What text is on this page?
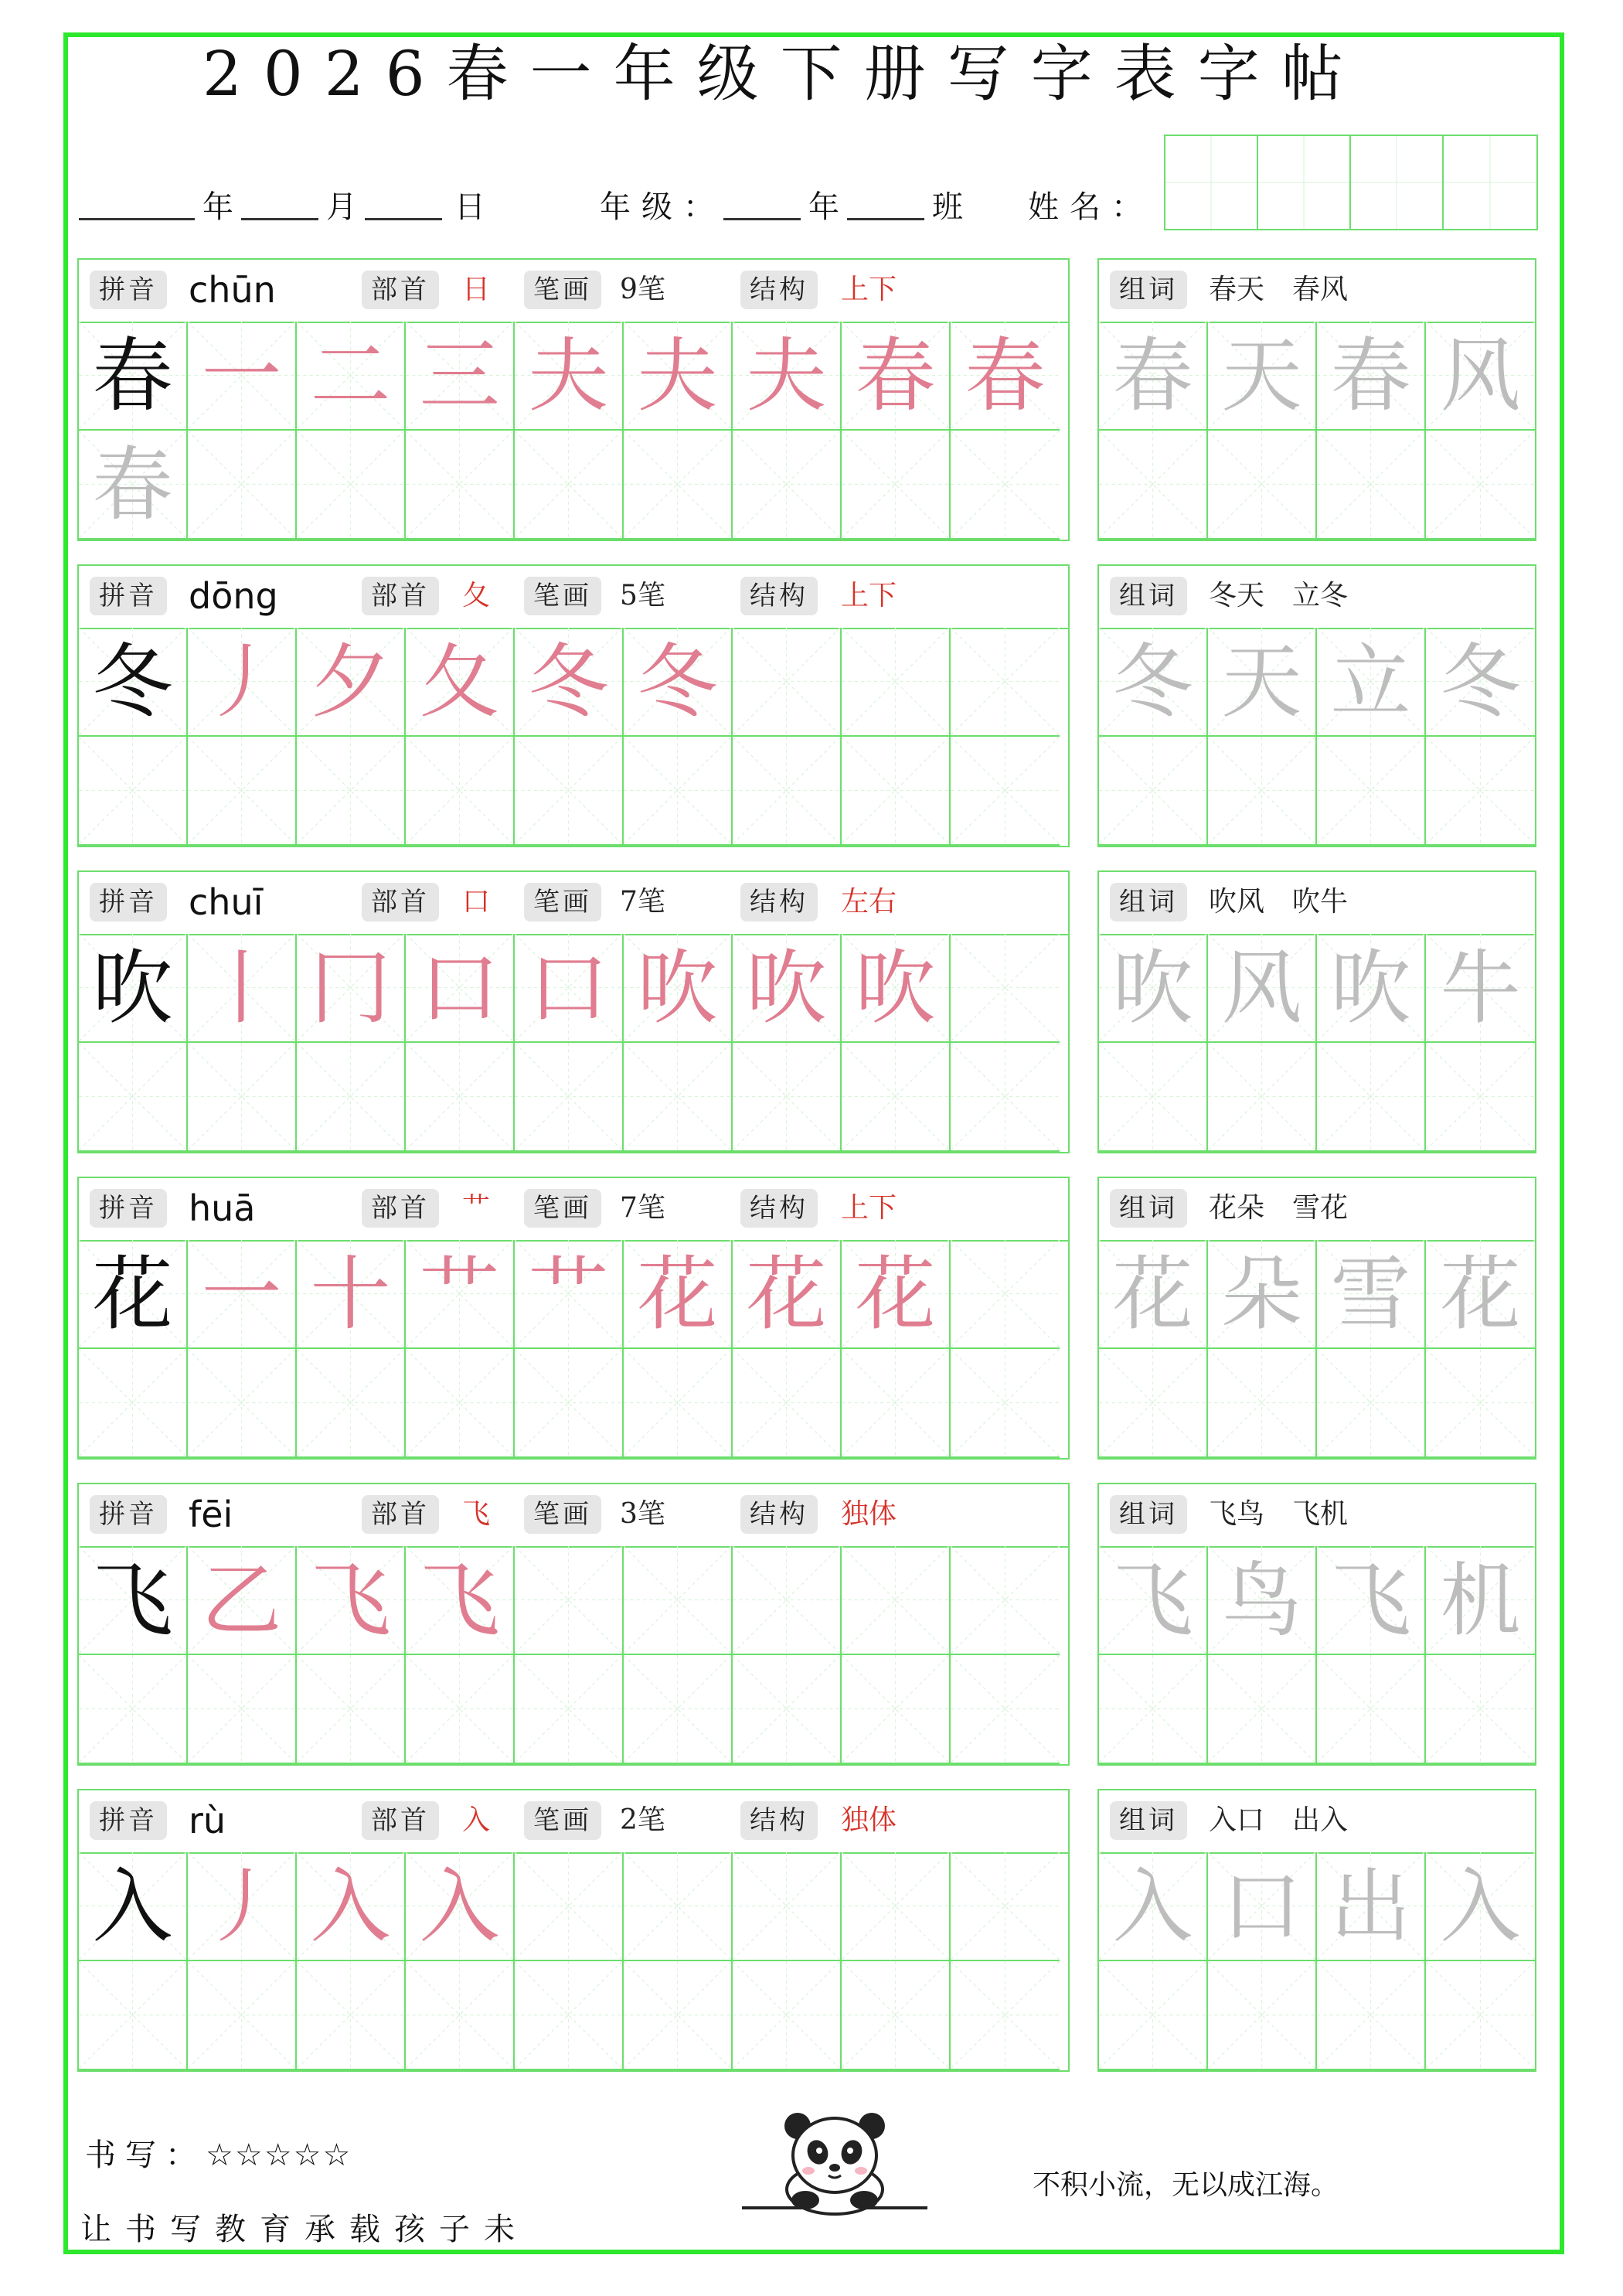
2026春一年级下册写字表字帖
年	月	日	年级：	年	班 姓名：
拼音 chūn	部首	日	笔画	9笔	结构	上下
春 一 二 三 夫 夫 夫 春 春
春
组词	春天　春风
春 天 春 风
拼音 dōng	部首	夂	笔画	5笔	结构	上下
冬 丿 夕 夂 冬 冬
组词	冬天　立冬
冬 天 立 冬
拼音 chuī	部首	口	笔画	7笔	结构	左右
吹 丨 冂 口 口 吹 吹 吹
组词	吹风　吹牛
吹 风 吹 牛
拼音 huā	部首	艹	笔画	7笔	结构	上下
花 一 十 艹 艹 花 花 花
组词	花朵　雪花
花 朵 雪 花
拼音 fēi	部首	飞	笔画	3笔	结构	独体
飞 乙 飞 飞
组词	飞鸟　飞机
飞 鸟 飞 机
拼音 rù	部首	入	笔画	2笔	结构	独体
入 丿 入 入
组词	入口　出入
入 口 出 入
书写：☆☆☆☆☆
让书写教育承载孩子未
不积小流，无以成江海。
